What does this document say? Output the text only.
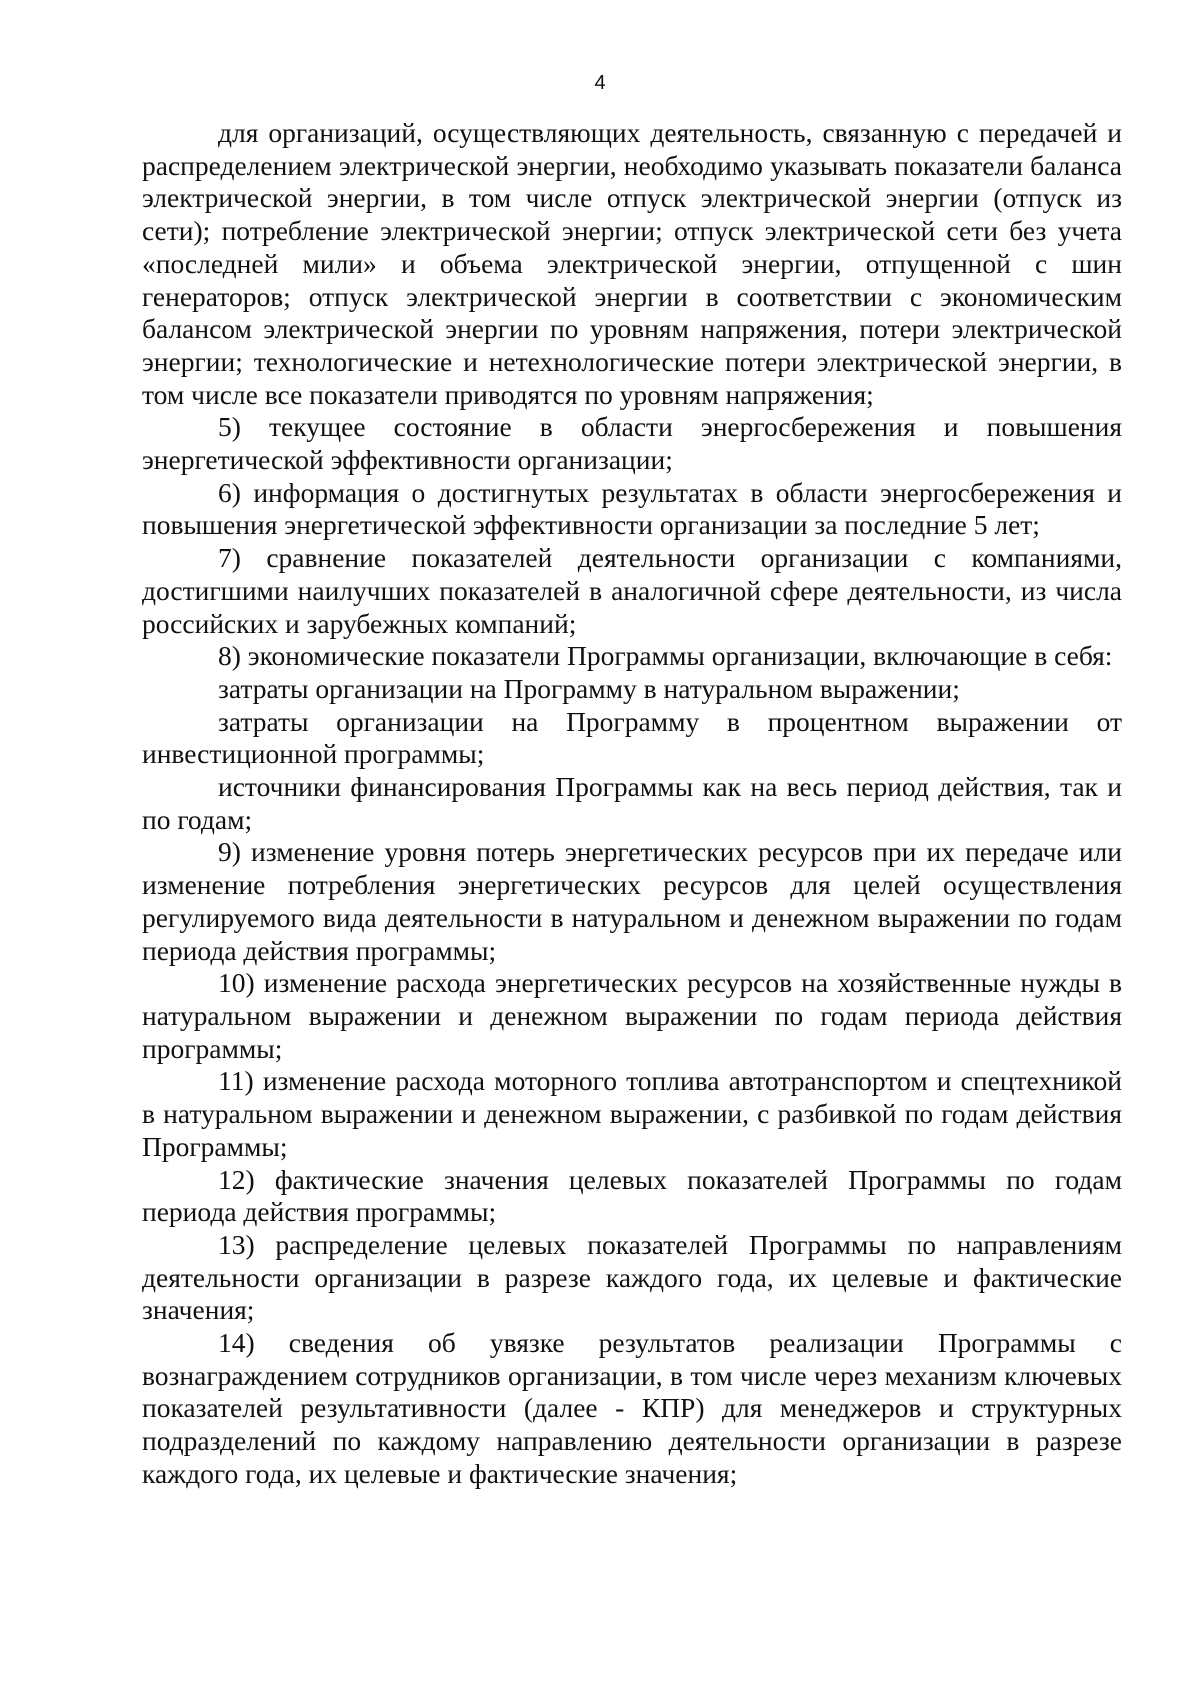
4

для организаций, осуществляющих деятельность, связанную с передачей и распределением электрической энергии, необходимо указывать показатели баланса электрической энергии, в том числе отпуск электрической энергии (отпуск из сети); потребление электрической энергии; отпуск электрической сети без учета «последней мили» и объема электрической энергии, отпущенной с шин генераторов; отпуск электрической энергии в соответствии с экономическим балансом электрической энергии по уровням напряжения, потери электрической энергии; технологические и нетехнологические потери электрической энергии, в том числе все показатели приводятся по уровням напряжения;

5) текущее состояние в области энергосбережения и повышения энергетической эффективности организации;

6) информация о достигнутых результатах в области энергосбережения и повышения энергетической эффективности организации за последние 5 лет;

7) сравнение показателей деятельности организации с компаниями, достигшими наилучших показателей в аналогичной сфере деятельности, из числа российских и зарубежных компаний;

8) экономические показатели Программы организации, включающие в себя:

затраты организации на Программу в натуральном выражении;

затраты организации на Программу в процентном выражении от инвестиционной программы;

источники финансирования Программы как на весь период действия, так и по годам;

9) изменение уровня потерь энергетических ресурсов при их передаче или изменение потребления энергетических ресурсов для целей осуществления регулируемого вида деятельности в натуральном и денежном выражении по годам периода действия программы;

10) изменение расхода энергетических ресурсов на хозяйственные нужды в натуральном выражении и денежном выражении по годам периода действия программы;

11) изменение расхода моторного топлива автотранспортом и спецтехникой в натуральном выражении и денежном выражении, с разбивкой по годам действия Программы;

12) фактические значения целевых показателей Программы по годам периода действия программы;

13) распределение целевых показателей Программы по направлениям деятельности организации в разрезе каждого года, их целевые и фактические значения;

14) сведения об увязке результатов реализации Программы с вознаграждением сотрудников организации, в том числе через механизм ключевых показателей результативности (далее - КПР) для менеджеров и структурных подразделений по каждому направлению деятельности организации в разрезе каждого года, их целевые и фактические значения;
